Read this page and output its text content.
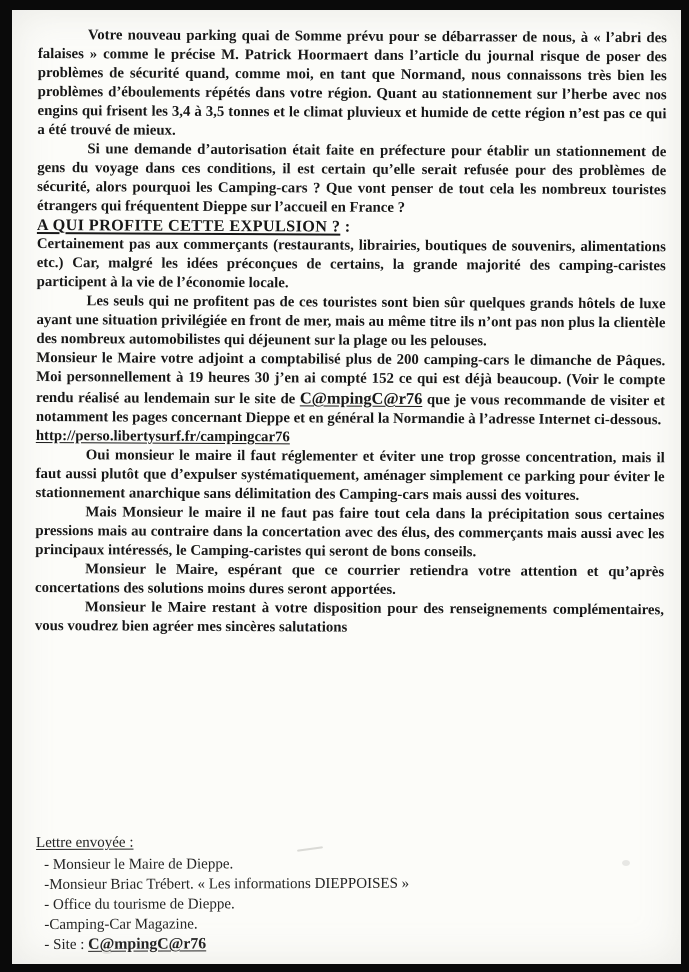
Votre nouveau parking quai de Somme prévu pour se débarrasser de nous, à « l’abri des falaises » comme le précise M. Patrick Hoormaert dans l’article du journal risque de poser des problèmes de sécurité quand, comme moi, en tant que Normand, nous connaissons très bien les problèmes d’éboulements répétés dans votre région. Quant au stationnement sur l’herbe avec nos engins qui frisent les 3,4 à 3,5 tonnes et le climat pluvieux et humide de cette région n’est pas ce qui a été trouvé de mieux.

Si une demande d’autorisation était faite en préfecture pour établir un stationnement de gens du voyage dans ces conditions, il est certain qu’elle serait refusée pour des problèmes de sécurité, alors pourquoi les Camping-cars ? Que vont penser de tout cela les nombreux touristes étrangers qui fréquentent Dieppe sur l’accueil en France ?

A QUI PROFITE CETTE EXPULSION ? :

Certainement pas aux commerçants (restaurants, librairies, boutiques de souvenirs, alimentations etc.) Car, malgré les idées préconçues de certains, la grande majorité des camping-caristes participent à la vie de l’économie locale.

Les seuls qui ne profitent pas de ces touristes sont bien sûr quelques grands hôtels de luxe ayant une situation privilégiée en front de mer, mais au même titre ils n’ont pas non plus la clientèle des nombreux automobilistes qui déjeunent sur la plage ou les pelouses.

Monsieur le Maire votre adjoint a comptabilisé plus de 200 camping-cars le dimanche de Pâques. Moi personnellement à 19 heures 30 j’en ai compté 152 ce qui est déjà beaucoup. (Voir le compte rendu réalisé au lendemain sur le site de C@mpingC@r76 que je vous recommande de visiter et notamment les pages concernant Dieppe et en général la Normandie à l’adresse Internet ci-dessous.

http://perso.libertysurf.fr/campingcar76

Oui monsieur le maire il faut réglementer et éviter une trop grosse concentration, mais il faut aussi plutôt que d’expulser systématiquement, aménager simplement ce parking pour éviter le stationnement anarchique sans délimitation des Camping-cars mais aussi des voitures.

Mais Monsieur le maire il ne faut pas faire tout cela dans la précipitation sous certaines pressions mais au contraire dans la concertation avec des élus, des commerçants mais aussi avec les principaux intéressés, le Camping-caristes qui seront de bons conseils.

Monsieur le Maire, espérant que ce courrier retiendra votre attention et qu’après concertations des solutions moins dures seront apportées.

Monsieur le Maire restant à votre disposition pour des renseignements complémentaires, vous voudrez bien agréer mes sincères salutations

Lettre envoyée :

- Monsieur le Maire de Dieppe.

-Monsieur Briac Trébert. « Les informations DIEPPOISES »

- Office du tourisme de Dieppe.

-Camping-Car Magazine.

- Site : C@mpingC@r76
